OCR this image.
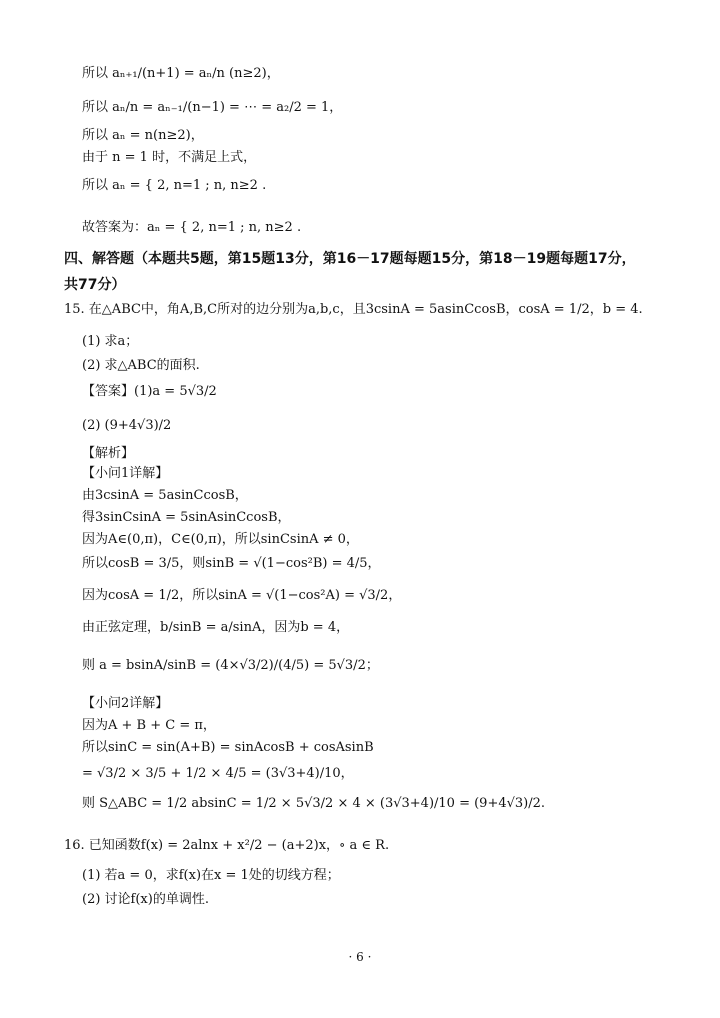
所以 aₙ₊₁/(n+1) = aₙ/n (n≥2)，
所以 aₙ/n = aₙ₋₁/(n−1) = ⋯ = a₂/2 = 1，
所以 aₙ = n(n≥2)，
由于 n = 1 时，不满足上式，
所以 aₙ = { 2, n=1 ; n, n≥2 .
故答案为：aₙ = { 2, n=1 ; n, n≥2 .
四、解答题（本题共5题，第15题13分，第16－17题每题15分，第18－19题每题17分，共77分）
15. 在△ABC中，角A,B,C所对的边分别为a,b,c，且3csinA = 5asinCcosB，cosA = 1/2，b = 4.
(1) 求a；
(2) 求△ABC的面积.
【答案】(1)a = 5√3/2
(2) (9+4√3)/2
【解析】
【小问1详解】
由3csinA = 5asinCcosB，
得3sinCsinA = 5sinAsinCcosB，
因为A∈(0,π)，C∈(0,π)，所以sinCsinA ≠ 0，
所以cosB = 3/5，则sinB = √(1−cos²B) = 4/5，
因为cosA = 1/2，所以sinA = √(1−cos²A) = √3/2，
由正弦定理，b/sinB = a/sinA，因为b = 4，
则 a = bsinA/sinB = (4×√3/2)/(4/5) = 5√3/2；
【小问2详解】
因为A + B + C = π，
所以sinC = sin(A+B) = sinAcosB + cosAsinB
= √3/2 × 3/5 + 1/2 × 4/5 = (3√3+4)/10，
则 S△ABC = 1/2 absinC = 1/2 × 5√3/2 × 4 × (3√3+4)/10 = (9+4√3)/2.
16. 已知函数f(x) = 2alnx + x²/2 − (a+2)x，∘ a ∈ R.
(1) 若a = 0，求f(x)在x = 1处的切线方程；
(2) 讨论f(x)的单调性.
· 6 ·
